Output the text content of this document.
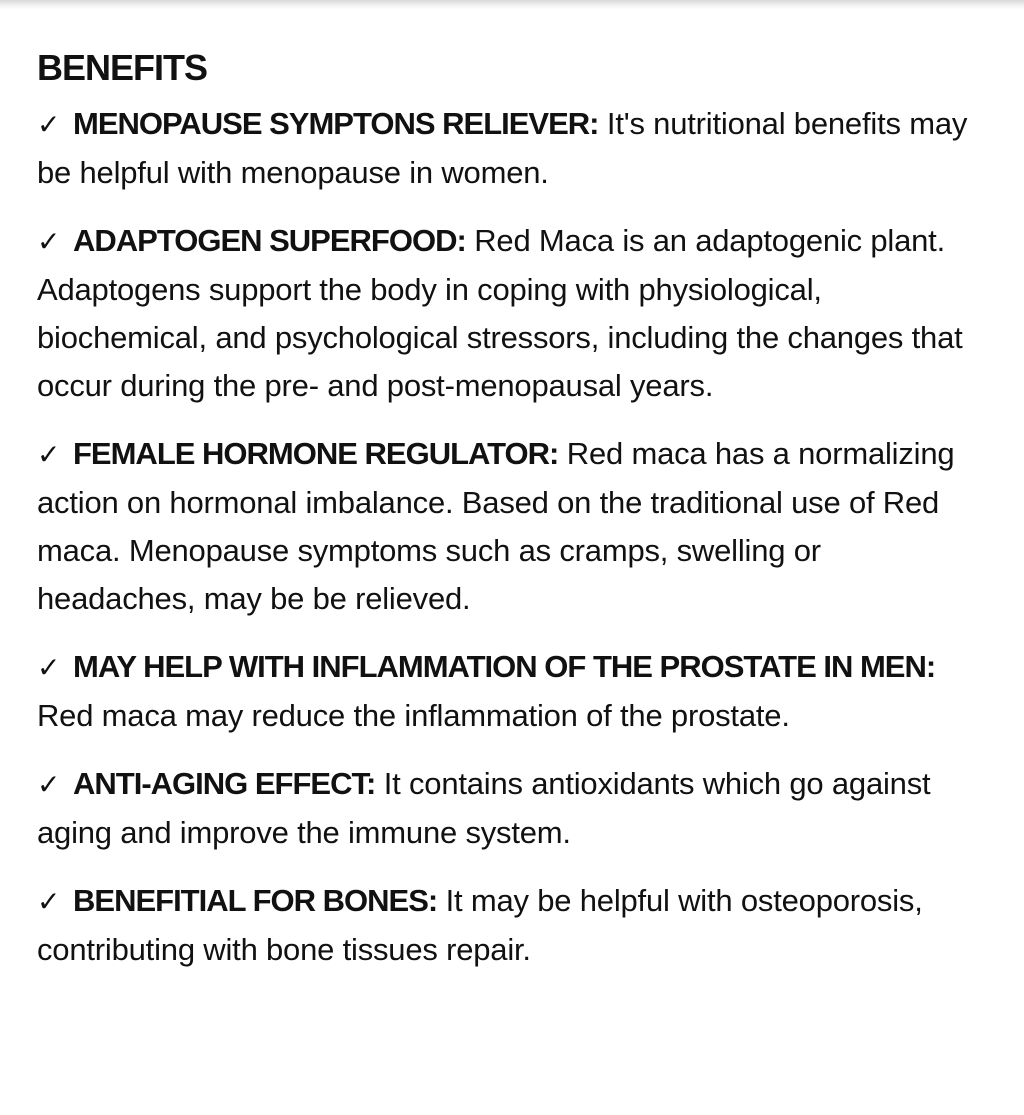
BENEFITS
✓ MENOPAUSE SYMPTONS RELIEVER: It's nutritional benefits may be helpful with menopause in women.
✓ ADAPTOGEN SUPERFOOD: Red Maca is an adaptogenic plant. Adaptogens support the body in coping with physiological, biochemical, and psychological stressors, including the changes that occur during the pre- and post-menopausal years.
✓ FEMALE HORMONE REGULATOR: Red maca has a normalizing action on hormonal imbalance. Based on the traditional use of Red maca. Menopause symptoms such as cramps, swelling or headaches, may be be relieved.
✓ MAY HELP WITH INFLAMMATION OF THE PROSTATE IN MEN: Red maca may reduce the inflammation of the prostate.
✓ ANTI-AGING EFFECT: It contains antioxidants which go against aging and improve the immune system.
✓ BENEFITIAL FOR BONES: It may be helpful with osteoporosis, contributing with bone tissues repair.
